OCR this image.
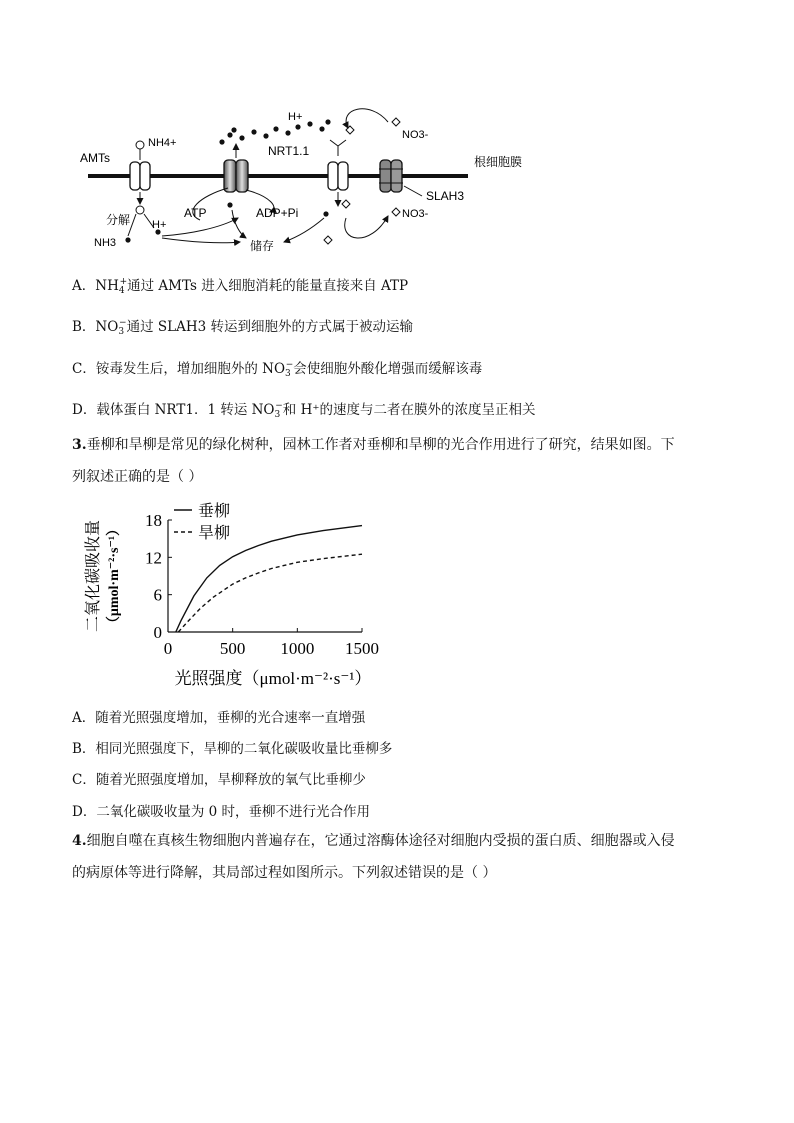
AMTs
NH4+
H+
NRT1.1
NO3-
根细胞膜
SLAH3
NO3-
分解
NH3
H+
ATP	ADP+Pi
储存
A．$NH_4^+$通过 AMTs 进入细胞消耗的能量直接来自 ATP
B．$NO_3^-$通过 SLAH3 转运到细胞外的方式属于被动运输
C．铵毒发生后，增加细胞外的 $NO_3^-$会使细胞外酸化增强而缓解该毒
D．载体蛋白 NRT1．1 转运 $NO_3^-$和 H⁺的速度与二者在膜外的浓度呈正相关
3.垂柳和旱柳是常见的绿化树种，园林工作者对垂柳和旱柳的光合作用进行了研究，结果如图。下
列叙述正确的是（ ）
0
6
12
18
0	500 1000 1500
光照强度（μmol·m⁻²·s⁻¹）
二氧化碳吸收量 （μmol·m⁻²·s⁻¹）
垂柳
旱柳
A．随着光照强度增加，垂柳的光合速率一直增强
B．相同光照强度下，旱柳的二氧化碳吸收量比垂柳多
C．随着光照强度增加，旱柳释放的氧气比垂柳少
D．二氧化碳吸收量为 0 时，垂柳不进行光合作用
4.细胞自噬在真核生物细胞内普遍存在，它通过溶酶体途径对细胞内受损的蛋白质、细胞器或入侵
的病原体等进行降解，其局部过程如图所示。下列叙述错误的是（ ）
